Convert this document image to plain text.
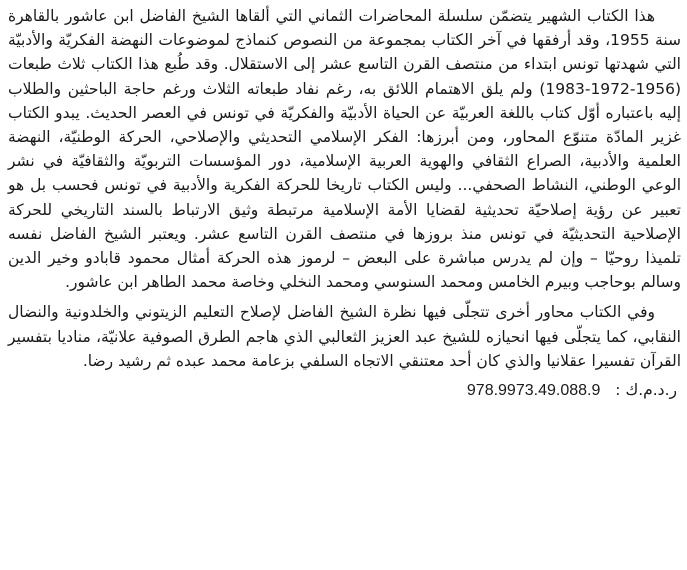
هذا الكتاب الشهير يتضمّن سلسلة المحاضرات الثماني التي ألقاها الشيخ الفاضل ابن عاشور بالقاهرة سنة 1955، وقد أرفقها في آخر الكتاب بمجموعة من النصوص كنماذج لموضوعات النهضة الفكريّة والأدبيّة التي شهدتها تونس ابتداء من منتصف القرن التاسع عشر إلى الاستقلال. وقد طُبع هذا الكتاب ثلاث طبعات (1956-1972-1983) ولم يلق الاهتمام اللائق به، رغم نفاد طبعاته الثلاث ورغم حاجة الباحثين والطلاب إليه باعتباره أوّل كتاب باللغة العربيّة عن الحياة الأدبيّة والفكريّة في تونس في العصر الحديث. يبدو الكتاب غزير المادّة متنوّع المحاور، ومن أبرزها: الفكر الإسلامي التحديثي والإصلاحي، الحركة الوطنيّة، النهضة العلمية والأدبية، الصراع الثقافي والهوية العربية الإسلامية، دور المؤسسات التربويّة والثقافيّة في نشر الوعي الوطني، النشاط الصحفي... وليس الكتاب تاريخا للحركة الفكرية والأدبية في تونس فحسب بل هو تعبير عن رؤية إصلاحيّة تحديثية لقضايا الأمة الإسلامية مرتبطة وثيق الارتباط بالسند التاريخي للحركة الإصلاحية التحديثيّة في تونس منذ بروزها في منتصف القرن التاسع عشر. ويعتبر الشيخ الفاضل نفسه تلميذا روحيّا – وإن لم يدرس مباشرة على البعض – لرموز هذه الحركة أمثال محمود قابادو وخير الدين وسالم بوحاجب وبيرم الخامس ومحمد السنوسي ومحمد النخلي وخاصة محمد الطاهر ابن عاشور.

وفي الكتاب محاور أخرى تتجلّى فيها نظرة الشيخ الفاضل لإصلاح التعليم الزيتوني والخلدونية والنضال النقابي، كما يتجلّى فيها انحيازه للشيخ عبد العزيز الثعالبي الذي هاجم الطرق الصوفية علانيّة، مناديا بتفسير القرآن تفسيرا عقلانيا والذي كان أحد معتنقي الاتجاه السلفي بزعامة محمد عبده ثم رشيد رضا.

ر.د.م.ك : 978.9973.49.088.9
